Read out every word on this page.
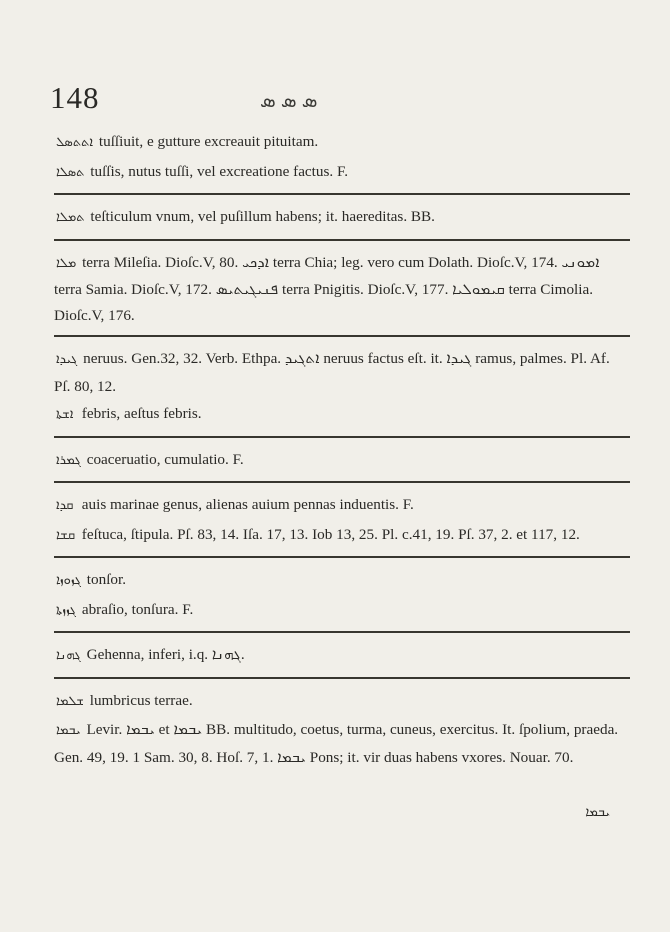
148	ܣ ܣ ܣ
ܐܬܬܣܠ tuſſiuit, e gutture excreauit pituitam.
ܬܣܠܐ tuſſis, nutus tuſſi, vel excreatione factus. F.
ܬܡܠܐ teſticulum vnum, vel puſillum habens; it. haereditas. BB.
ܡܠܐ terra Mileſia. Dioſc.V, 80. ܐܕܟܝ terra Chia; leg. vero cum Dolath. Dioſc.V, 174. ܐܡܘܢܝ terra Samia. Dioſc.V, 172. ܦܢܝܓܝܬܝܣ terra Pnigitis. Dioſc.V, 177. ܩܝܡܘܠܝܐ terra Cimolia. Dioſc.V, 176.
ܓܝܕܐ neruus. Gen.32, 32. Verb. Ethpa. ܐܬܓܝܕ neruus factus eſt. it. ܓܝܕܐ ramus, palmes. Pl. Af. Pſ. 80, 12.
ܐܫܬܐ febris, aeſtus febris.
ܓܡܪܐ coaceruatio, cumulatio. F.
ܩܕܐ auis marinae genus, alienas auium pennas induentis. F.
ܩܫܐ feſtuca, ſtipula. Pſ. 83, 14. Iſa. 17, 13. Iob 13, 25. Pl. c.41, 19. Pſ. 37, 2. et 117, 12.
ܓܙܘܙܐ tonſor.
ܓܙܙܬܐ abraſio, tonſura. F.
ܓܗܢܐ Gehenna, inferi, i.q. ܓܗܢܐ.
ܫܠܡܐ lumbricus terrae.
ܝܒܡܐ Levir. ܝܒܡܐ et ܝܒܡܐ BB. multitudo, coetus, turma, cuneus, exercitus. It. ſpolium, praeda. Gen. 49, 19. 1 Sam. 30, 8. Hoſ. 7, 1. ܝܒܡܐ Pons; it. vir duas habens vxores. Nouar. 70.
ܝܒܡܐ
